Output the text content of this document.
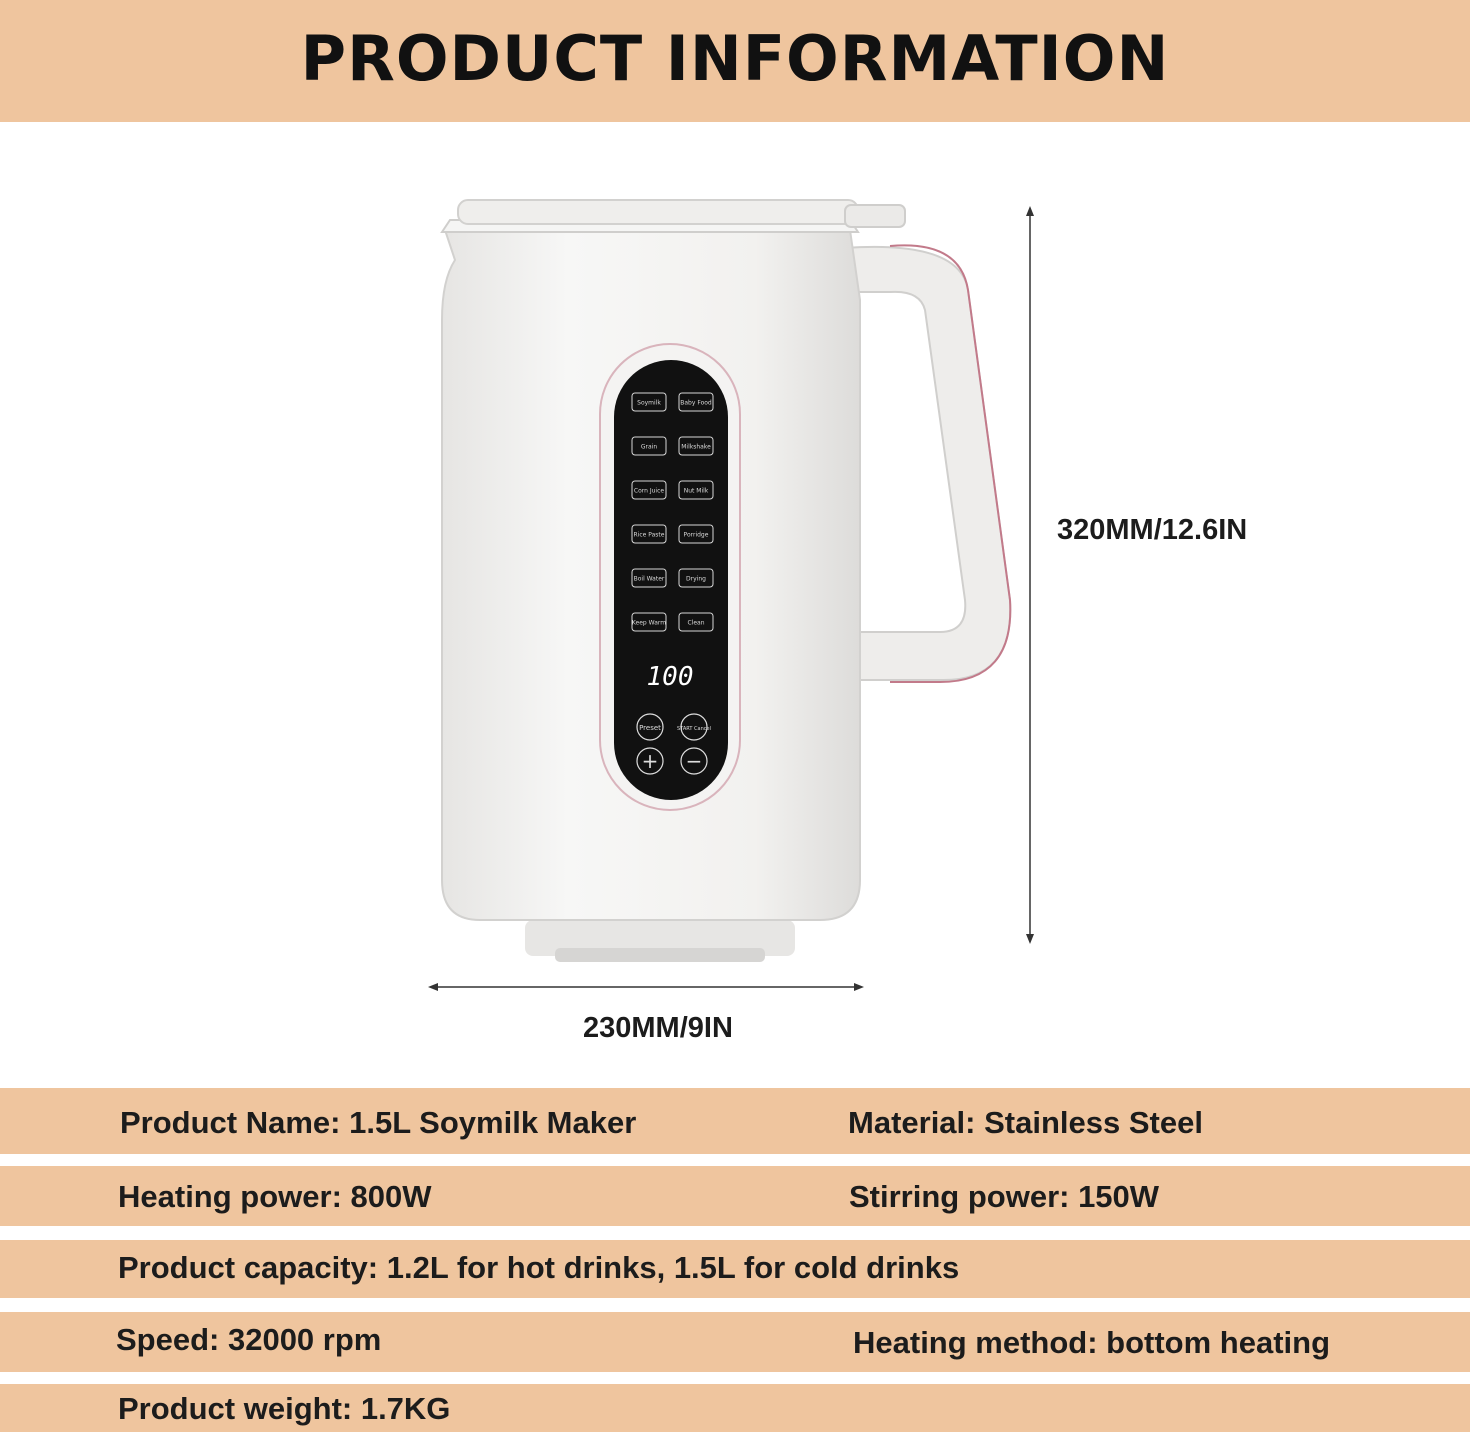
PRODUCT INFORMATION
320MM/12.6IN
230MM/9IN
Soymilk	Baby Food
Grain	Milkshake
Corn Juice	Nut Milk
Rice Paste	Porridge
Boil Water	Drying
Keep Warm	Clean
100
Preset	START Cancel
+ −
Product Name: 1.5L Soymilk Maker	Material: Stainless Steel
Heating power: 800W	Stirring power: 150W
Product capacity: 1.2L for hot drinks, 1.5L for cold drinks
Speed: 32000 rpm	Heating method: bottom heating
Product weight: 1.7KG
